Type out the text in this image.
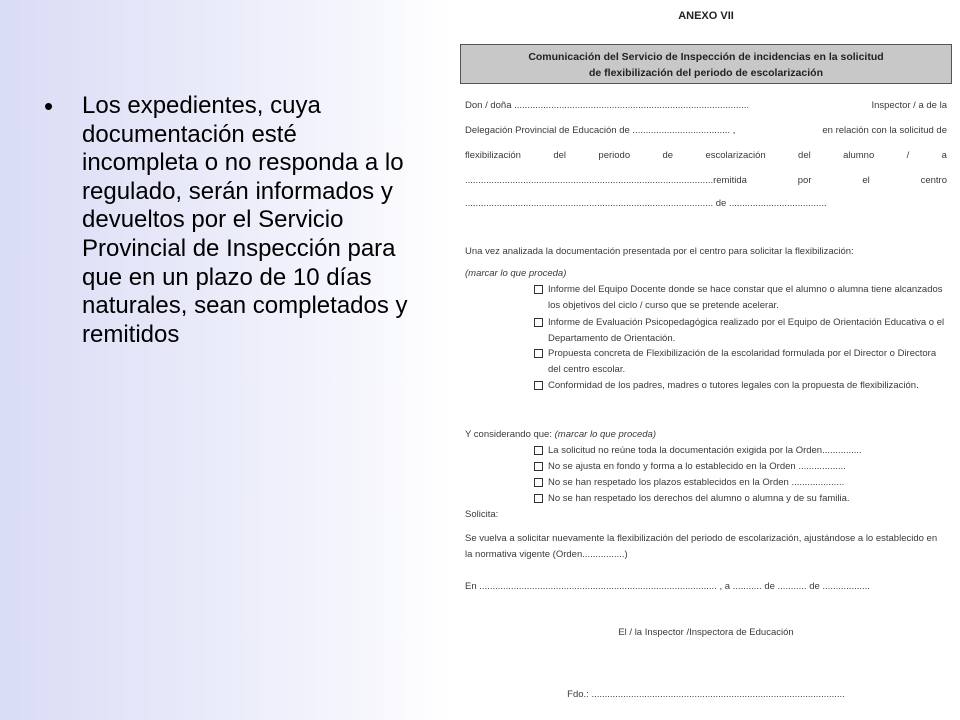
•	Los expedientes, cuya documentación esté incompleta o no responda a lo regulado, serán informados y devueltos por el Servicio Provincial de Inspección para que en un plazo de 10 días naturales, sean completados y remitidos
ANEXO VII
Comunicación del Servicio de Inspección de incidencias en la solicitud
de flexibilización del periodo de escolarización
Don / doña .........................................................................................	Inspector / a de la
Delegación Provincial de Educación de ..................................... ,	en relación con la solicitud de
flexibilización	del	periodo	de	escolarización	del	alumno	/	a
..............................................................................................remitida	por	el	centro
.............................................................................................. de .....................................
Una vez analizada la documentación presentada por el centro para solicitar la flexibilización:
(marcar lo que proceda)
Informe del Equipo Docente donde se hace constar que el alumno o alumna tiene alcanzados los objetivos del ciclo / curso que se pretende acelerar.
Informe de Evaluación Psicopedagógica realizado por el Equipo de Orientación Educativa o el Departamento de Orientación.
Propuesta concreta de Flexibilización de la escolaridad formulada por el Director o Directora del centro escolar.
Conformidad de los padres, madres o tutores legales con la propuesta de flexibilización.
Y considerando que: (marcar lo que proceda)
La solicitud no reúne toda la documentación exigida por la Orden...............
No se ajusta en fondo y forma a lo establecido en la Orden ..................
No se han respetado los plazos establecidos en la Orden ....................
No se han respetado los derechos del alumno o alumna y de su familia.
Solicita:
Se vuelva a solicitar nuevamente la flexibilización del periodo de escolarización, ajustándose a lo establecido en la normativa vigente (Orden................)
En .......................................................................................... , a ........... de ........... de ..................
El / la Inspector /Inspectora de Educación
Fdo.: ................................................................................................
